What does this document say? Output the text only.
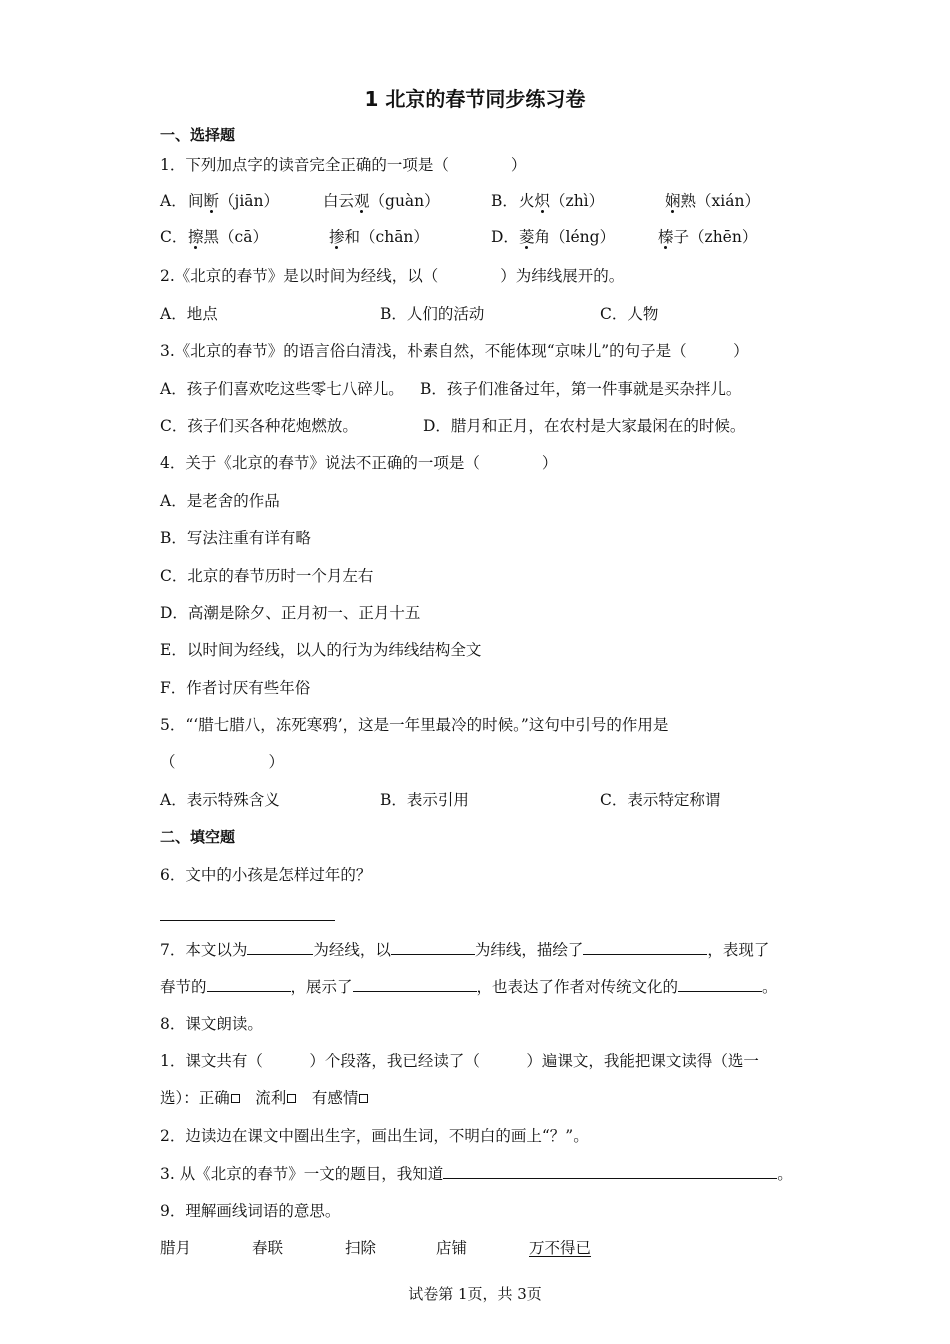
1 北京的春节同步练习卷
一、选择题
1．下列加点字的读音完全正确的一项是（　　　　）
A． 间断（jiān）	白云观（guàn）	B． 火炽（zhì）	娴熟（xián）
C． 擦黑（cā）	掺和（chān）	D． 菱角（léng）	榛子（zhēn）
2.《北京的春节》是以时间为经线，以（　　　　）为纬线展开的。
A．地点	B．人们的活动	C．人物
3.《北京的春节》的语言俗白清浅，朴素自然，不能体现“京味儿”的句子是（　　　）
A．孩子们喜欢吃这些零七八碎儿。 B．孩子们准备过年，第一件事就是买杂拌儿。
C．孩子们买各种花炮燃放。	D．腊月和正月，在农村是大家最闲在的时候。
4．关于《北京的春节》说法不正确的一项是（　　　　）
A．是老舍的作品
B．写法注重有详有略
C．北京的春节历时一个月左右
D．高潮是除夕、正月初一、正月十五
E．以时间为经线，以人的行为为纬线结构全文
F．作者讨厌有些年俗
5．“‘腊七腊八，冻死寒鸦’，这是一年里最冷的时候。”这句中引号的作用是
（　　　　　　）
A．表示特殊含义	B．表示引用	C．表示特定称谓
二、填空题
6．文中的小孩是怎样过年的？
7．本文以为	为经线，以	为纬线，描绘了	，表现了
春节的	，展示了	，也表达了作者对传统文化的	。
8．课文朗读。
1．课文共有（　　　）个段落，我已经读了（　　　）遍课文，我能把课文读得（选一
选）：正确　 流利　 有感情
2．边读边在课文中圈出生字，画出生词，不明白的画上“？”。
3. 从《北京的春节》一文的题目，我知道	。
9．理解画线词语的意思。
腊月	春联	扫除	店铺	万不得已
试卷第 1页，共 3页
